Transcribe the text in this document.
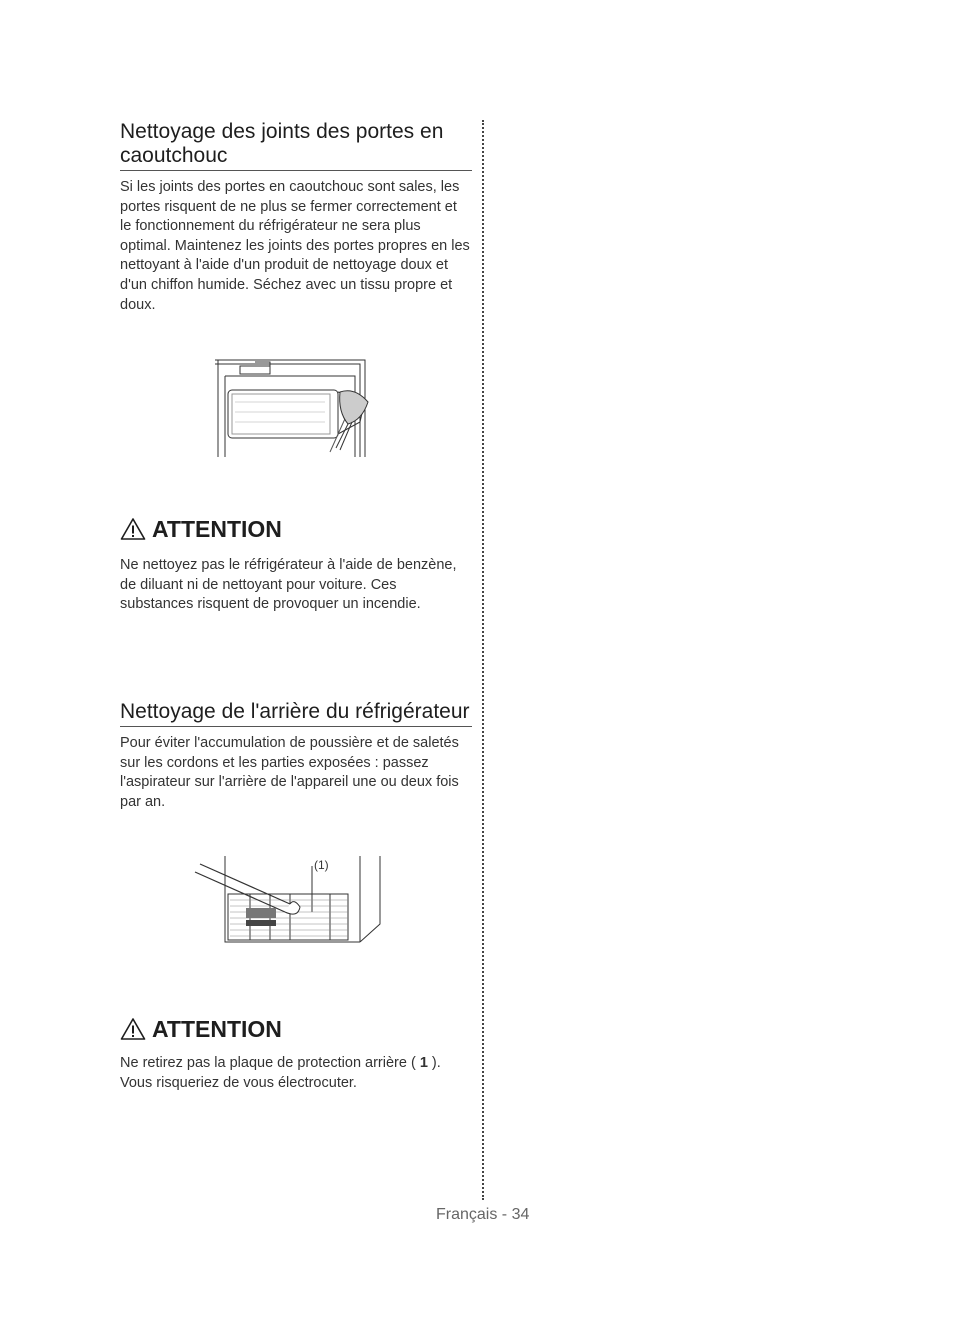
Nettoyage des joints des portes en caoutchouc

Si les joints des portes en caoutchouc sont sales, les portes risquent de ne plus se fermer correctement et le fonctionnement du réfrigérateur ne sera plus optimal. Maintenez les joints des portes propres en les nettoyant à l'aide d'un produit de nettoyage doux et d'un chiffon humide. Séchez avec un tissu propre et doux.

ATTENTION

Ne nettoyez pas le réfrigérateur à l'aide de benzène, de diluant ni de nettoyant pour voiture. Ces substances risquent de provoquer un incendie.

Nettoyage de l'arrière du réfrigérateur

Pour éviter l'accumulation de poussière et de saletés sur les cordons et les parties exposées : passez l'aspirateur sur l'arrière de l'appareil une ou deux fois par an.

(1)
ATTENTION

Ne retirez pas la plaque de protection arrière ( 1 ). Vous risqueriez de vous électrocuter.

Français - 34
